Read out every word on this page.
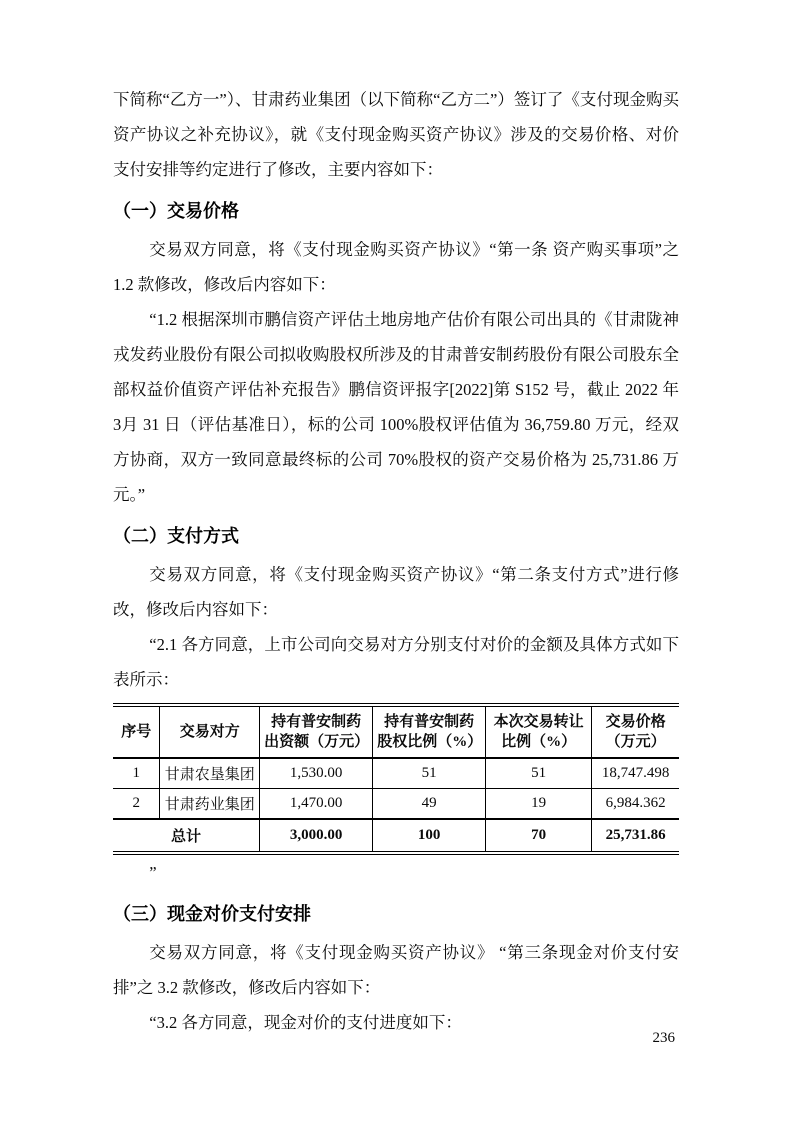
下简称“乙方一”）、甘肃药业集团（以下简称“乙方二”）签订了《支付现金购买资产协议之补充协议》，就《支付现金购买资产协议》涉及的交易价格、对价支付安排等约定进行了修改，主要内容如下：

（一）交易价格

交易双方同意，将《支付现金购买资产协议》“第一条 资产购买事项”之 1.2 款修改，修改后内容如下：

“1.2 根据深圳市鹏信资产评估土地房地产估价有限公司出具的《甘肃陇神戎发药业股份有限公司拟收购股权所涉及的甘肃普安制药股份有限公司股东全部权益价值资产评估补充报告》鹏信资评报字[2022]第 S152 号，截止 2022 年 3月 31 日（评估基准日），标的公司 100%股权评估值为 36,759.80 万元，经双方协商，双方一致同意最终标的公司 70%股权的资产交易价格为 25,731.86 万元。”

（二）支付方式

交易双方同意，将《支付现金购买资产协议》“第二条支付方式”进行修改，修改后内容如下：

“2.1 各方同意，上市公司向交易对方分别支付对价的金额及具体方式如下表所示：

序号	交易对方	持有普安制药出资额（万元）	持有普安制药股权比例（%）	本次交易转让比例（%）	交易价格（万元）
1	甘肃农垦集团	1,530.00	51	51	18,747.498
2	甘肃药业集团	1,470.00	49	19	6,984.362
总计		3,000.00	100	70	25,731.86

”

（三）现金对价支付安排

交易双方同意，将《支付现金购买资产协议》 “第三条现金对价支付安排”之 3.2 款修改，修改后内容如下：

“3.2 各方同意，现金对价的支付进度如下：

236
